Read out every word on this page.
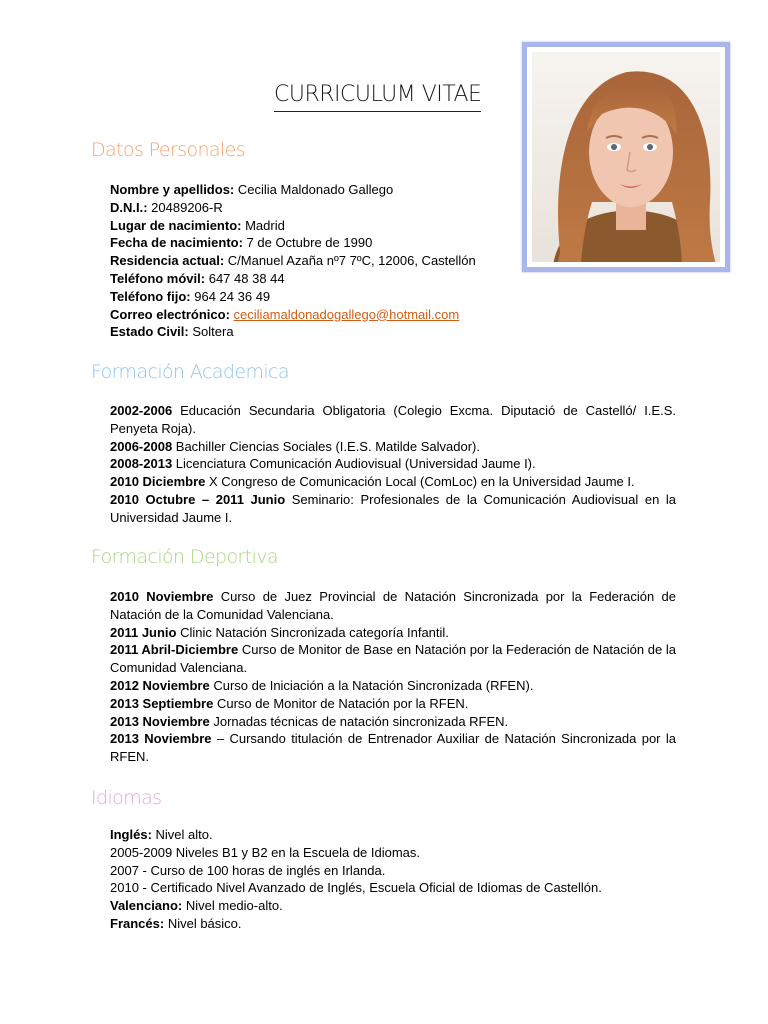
CURRICULUM VITAE
Datos Personales
Nombre y apellidos: Cecilia Maldonado Gallego
D.N.I.: 20489206-R
Lugar de nacimiento: Madrid
Fecha de nacimiento: 7 de Octubre de 1990
Residencia actual: C/Manuel Azaña nº7 7ºC, 12006, Castellón
Teléfono móvil: 647 48 38 44
Teléfono fijo: 964 24 36 49
Correo electrónico: ceciliamaldonadogallego@hotmail.com
Estado Civil: Soltera
Formación Academica
2002-2006 Educación Secundaria Obligatoria (Colegio Excma. Diputació de Castelló/ I.E.S. Penyeta Roja).
2006-2008 Bachiller Ciencias Sociales (I.E.S. Matilde Salvador).
2008-2013 Licenciatura Comunicación Audiovisual (Universidad Jaume I).
2010 Diciembre X Congreso de Comunicación Local (ComLoc) en la Universidad Jaume I.
2010 Octubre – 2011 Junio Seminario: Profesionales de la Comunicación Audiovisual en la Universidad Jaume I.
Formación Deportiva
2010 Noviembre Curso de Juez Provincial de Natación Sincronizada por la Federación de Natación de la Comunidad Valenciana.
2011 Junio Clinic Natación Sincronizada categoría Infantil.
2011 Abril-Diciembre Curso de Monitor de Base en Natación por la Federación de Natación de la Comunidad Valenciana.
2012 Noviembre Curso de Iniciación a la Natación Sincronizada (RFEN).
2013 Septiembre Curso de Monitor de Natación por la RFEN.
2013 Noviembre Jornadas técnicas de natación sincronizada RFEN.
2013 Noviembre – Cursando titulación de Entrenador Auxiliar de Natación Sincronizada por la RFEN.
Idiomas
Inglés: Nivel alto.
2005-2009 Niveles B1 y B2 en la Escuela de Idiomas.
2007 - Curso de 100 horas de inglés en Irlanda.
2010 - Certificado Nivel Avanzado de Inglés, Escuela Oficial de Idiomas de Castellón.
Valenciano: Nivel medio-alto.
Francés: Nivel básico.
